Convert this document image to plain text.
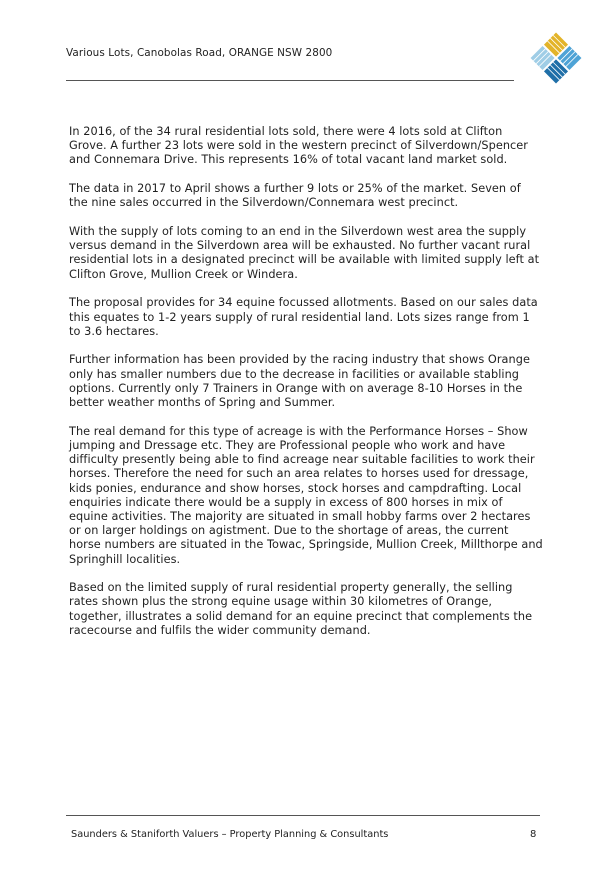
Various Lots, Canobolas Road, ORANGE NSW 2800

In 2016, of the 34 rural residential lots sold, there were 4 lots sold at Clifton Grove. A further 23 lots were sold in the western precinct of Silverdown/Spencer and Connemara Drive. This represents 16% of total vacant land market sold.

The data in 2017 to April shows a further 9 lots or 25% of the market. Seven of the nine sales occurred in the Silverdown/Connemara west precinct.

With the supply of lots coming to an end in the Silverdown west area the supply versus demand in the Silverdown area will be exhausted. No further vacant rural residential lots in a designated precinct will be available with limited supply left at Clifton Grove, Mullion Creek or Windera.

The proposal provides for 34 equine focussed allotments. Based on our sales data this equates to 1-2 years supply of rural residential land. Lots sizes range from 1 to 3.6 hectares.

Further information has been provided by the racing industry that shows Orange only has smaller numbers due to the decrease in facilities or available stabling options. Currently only 7 Trainers in Orange with on average 8-10 Horses in the better weather months of Spring and Summer.

The real demand for this type of acreage is with the Performance Horses – Show jumping and Dressage etc. They are Professional people who work and have difficulty presently being able to find acreage near suitable facilities to work their horses. Therefore the need for such an area relates to horses used for dressage, kids ponies, endurance and show horses, stock horses and campdrafting. Local enquiries indicate there would be a supply in excess of 800 horses in mix of equine activities. The majority are situated in small hobby farms over 2 hectares or on larger holdings on agistment. Due to the shortage of areas, the current horse numbers are situated in the Towac, Springside, Mullion Creek, Millthorpe and Springhill localities.

Based on the limited supply of rural residential property generally, the selling rates shown plus the strong equine usage within 30 kilometres of Orange, together, illustrates a solid demand for an equine precinct that complements the racecourse and fulfils the wider community demand.

Saunders & Staniforth Valuers – Property Planning & Consultants	8
